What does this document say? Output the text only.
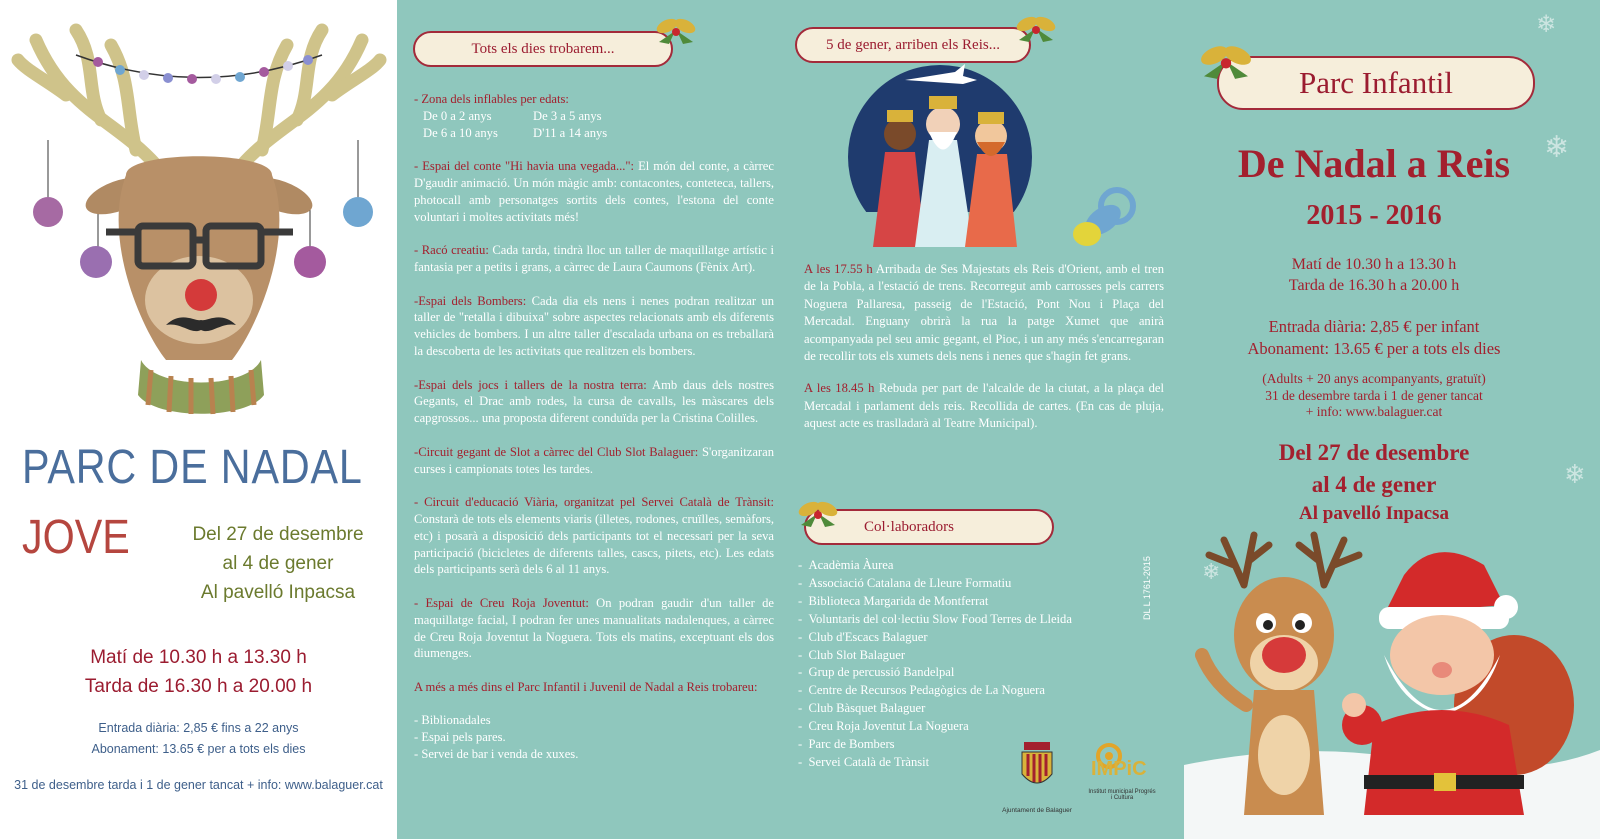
PARC DE NADAL
JOVE	Del 27 de desembre
al 4 de gener
Al pavelló Inpacsa
Matí de 10.30 h a 13.30 h
Tarda de 16.30 h a 20.00 h
Entrada diària: 2,85 € fins a 22 anys
Abonament: 13.65 € per a tots els dies
31 de desembre tarda i 1 de gener tancat + info: www.balaguer.cat
Tots els dies trobarem...
- Zona dels inflables per edats:
De 0 a 2 anys	De 3 a 5 anys
De 6 a 10 anys	D'11 a 14 anys
- Espai del conte "Hi havia una vegada...": El món del conte, a càrrec D'gaudir animació. Un món màgic amb: contacontes, conteteca, tallers, photocall amb personatges sortits dels contes, l'estona del conte voluntari i moltes activitats més!
- Racó creatiu: Cada tarda, tindrà lloc un taller de maquillatge artístic i fantasia per a petits i grans, a càrrec de Laura Caumons (Fènix Art).
-Espai dels Bombers: Cada dia els nens i nenes podran realitzar un taller de "retalla i dibuixa" sobre aspectes relacionats amb els diferents vehicles de bombers. I un altre taller d'escalada urbana on es treballarà la descoberta de les activitats que realitzen els bombers.
-Espai dels jocs i tallers de la nostra terra: Amb daus dels nostres Gegants, el Drac amb rodes, la cursa de cavalls, les màscares dels capgrossos... una proposta diferent conduïda per la Cristina Colilles.
-Circuit gegant de Slot a càrrec del Club Slot Balaguer: S'organitzaran curses i campionats totes les tardes.
- Circuit d'educació Viària, organitzat pel Servei Català de Trànsit: Constarà de tots els elements viaris (illetes, rodones, cruïlles, semàfors, etc) i posarà a disposició dels participants tot el necessari per la seva participació (bicicletes de diferents talles, cascs, pitets, etc). Les edats dels participants serà dels 6 al 11 anys.
- Espai de Creu Roja Joventut: On podran gaudir d'un taller de maquillatge facial, I podran fer unes manualitats nadalenques, a càrrec de Creu Roja Joventut la Noguera. Tots els matins, exceptuant els dos diumenges.
A més a més dins el Parc Infantil i Juvenil de Nadal a Reis trobareu:
- Biblionadales
- Espai pels pares.
- Servei de bar i venda de xuxes.
5 de gener, arriben els Reis...
A les 17.55 h Arribada de Ses Majestats els Reis d'Orient, amb el tren de la Pobla, a l'estació de trens. Recorregut amb carrosses pels carrers Noguera Pallaresa, passeig de l'Estació, Pont Nou i Plaça del Mercadal. Enguany obrirà la rua la patge Xumet que anirà acompanyada pel seu amic gegant, el Pioc, i un any més s'encarregaran de recollir tots els xumets dels nens i nenes que s'hagin fet grans.
A les 18.45 h Rebuda per part de l'alcalde de la ciutat, a la plaça del Mercadal i parlament dels reis. Recollida de cartes. (En cas de pluja, aquest acte es traslladarà al Teatre Municipal).
Col·laboradors
-  Acadèmia Àurea
-  Associació Catalana de Lleure Formatiu
-  Biblioteca Margarida de Montferrat
-  Voluntaris del col·lectiu Slow Food Terres de Lleida
-  Club d'Escacs Balaguer
-  Club Slot Balaguer
-  Grup de percussió Bandelpal
-  Centre de Recursos Pedagògics de La Noguera
-  Club Bàsquet Balaguer
-  Creu Roja Joventut La Noguera
-  Parc de Bombers
-  Servei Català de Trànsit
DL L 1761-2015
Ajuntament de Balaguer
IMPiC
Institut municipal Progrés i Cultura
❄
❄
❄
❄
Parc Infantil
De Nadal a Reis
2015 - 2016
Matí de 10.30 h a 13.30 h
Tarda de 16.30 h a 20.00 h
Entrada diària: 2,85 € per infant
Abonament: 13.65 € per a tots els dies
(Adults + 20 anys acompanyants, gratuït)
31 de desembre tarda i 1 de gener tancat
+ info: www.balaguer.cat
Del 27 de desembre
al 4 de gener
Al pavelló Inpacsa
